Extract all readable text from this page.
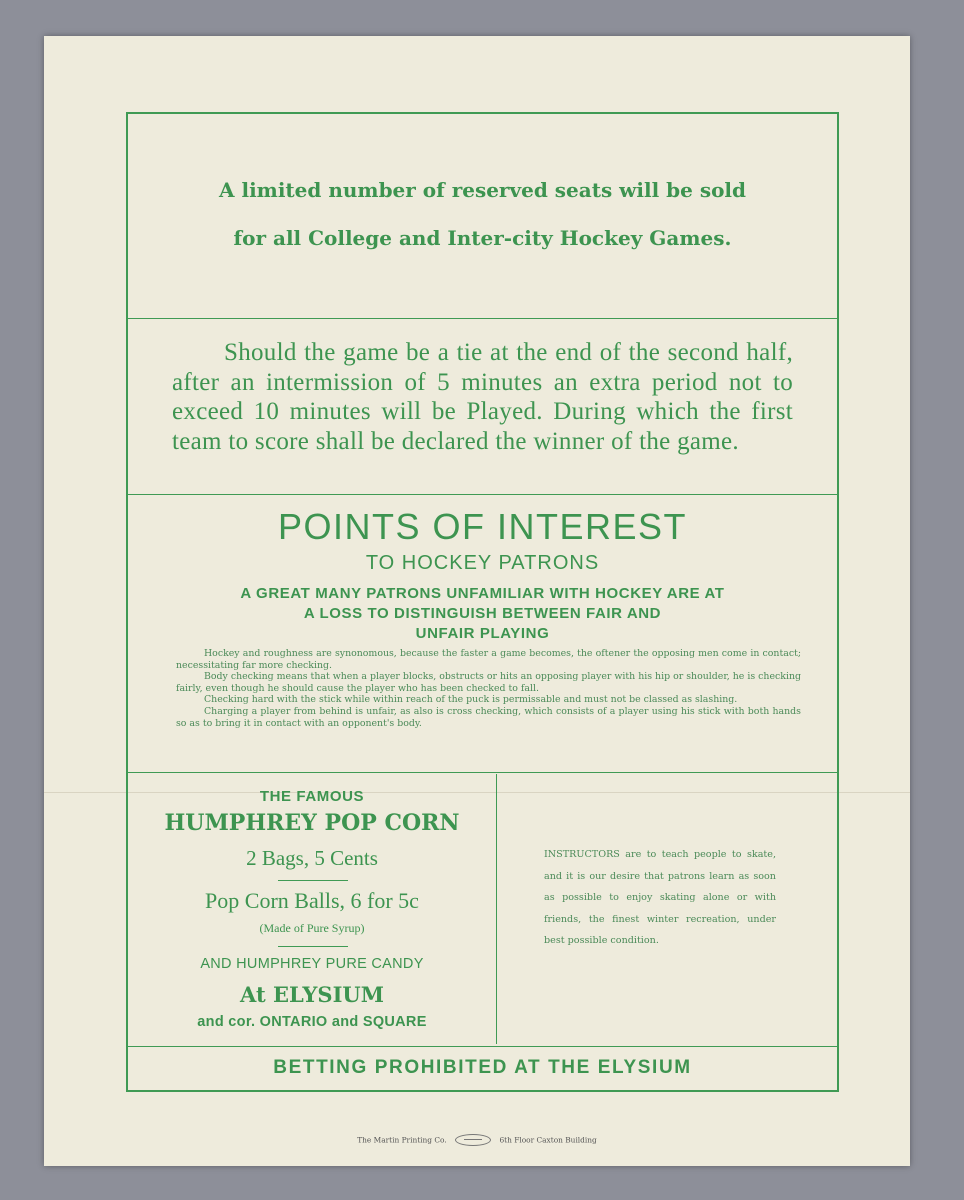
A limited number of reserved seats will be sold
for all College and Inter-city Hockey Games.

Should the game be a tie at the end of the second half, after an intermission of 5 minutes an extra period not to exceed 10 minutes will be Played. During which the first team to score shall be declared the winner of the game.

POINTS OF INTEREST
TO HOCKEY PATRONS
A GREAT MANY PATRONS UNFAMILIAR WITH HOCKEY ARE AT
A LOSS TO DISTINGUISH BETWEEN FAIR AND
UNFAIR PLAYING

Hockey and roughness are synonomous, because the faster a game becomes, the oftener the opposing men come in contact; necessitating far more checking.

Body checking means that when a player blocks, obstructs or hits an opposing player with his hip or shoulder, he is checking fairly, even though he should cause the player who has been checked to fall.

Checking hard with the stick while within reach of the puck is permissable and must not be classed as slashing.

Charging a player from behind is unfair, as also is cross checking, which consists of a player using his stick with both hands so as to bring it in contact with an opponent's body.

THE FAMOUS
HUMPHREY POP CORN
2 Bags, 5 Cents
Pop Corn Balls, 6 for 5c
(Made of Pure Syrup)
AND HUMPHREY PURE CANDY
At ELYSIUM
and cor. ONTARIO and SQUARE
INSTRUCTORS are to teach people to skate, and it is our desire that patrons learn as soon as possible to enjoy skating alone or with friends, the finest winter recreation, under best possible condition.
BETTING PROHIBITED AT THE ELYSIUM
The Martin Printing Co.	6th Floor Caxton Building
